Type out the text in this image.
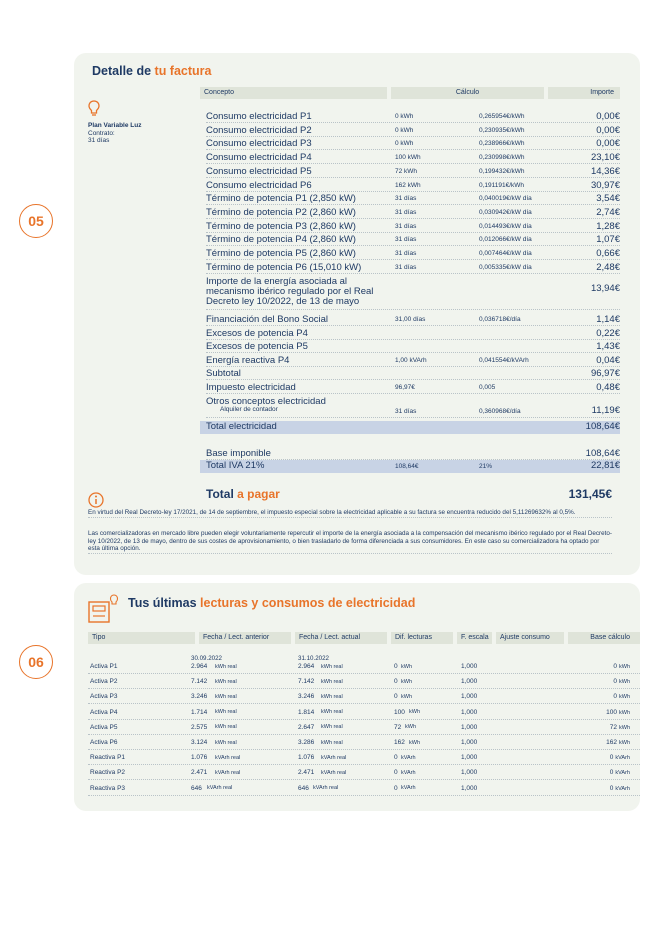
05
Detalle de tu factura
Concepto	Cálculo	Importe
Plan Variable Luz
Contrato:
31 días
Consumo electricidad P1	0 kWh	0,265954€/kWh	0,00€
Consumo electricidad P2	0 kWh	0,230935€/kWh	0,00€
Consumo electricidad P3	0 kWh	0,238966€/kWh	0,00€
Consumo electricidad P4	100 kWh	0,230998€/kWh	23,10€
Consumo electricidad P5	72 kWh	0,199432€/kWh	14,36€
Consumo electricidad P6	162 kWh	0,191191€/kWh	30,97€
Término de potencia P1 (2,850 kW)	31 días	0,040019€/kW día	3,54€
Término de potencia P2 (2,860 kW)	31 días	0,030942€/kW día	2,74€
Término de potencia P3 (2,860 kW)	31 días	0,014493€/kW día	1,28€
Término de potencia P4 (2,860 kW)	31 días	0,012066€/kW día	1,07€
Término de potencia P5 (2,860 kW)	31 días	0,007464€/kW día	0,66€
Término de potencia P6 (15,010 kW)	31 días	0,005335€/kW día	2,48€
Importe de la energía asociada al
mecanismo ibérico regulado por el Real
Decreto ley 10/2022, de 13 de mayo
13,94€
Financiación del Bono Social	31,00 días	0,036718€/día	1,14€
Excesos de potencia P4	0,22€
Excesos de potencia P5	1,43€
Energía reactiva P4	1,00 kVArh	0,041554€/kVArh	0,04€
Subtotal	96,97€
Impuesto electricidad	96,97€	0,005	0,48€
Otros conceptos electricidad
Alquiler de contador	31 días	0,360968€/día	11,19€
Total electricidad	108,64€
Base imponible	108,64€
Total IVA 21%	108,64€	21%	22,81€
Total a pagar	131,45€
En virtud del Real Decreto-ley 17/2021, de 14 de septiembre, el impuesto especial sobre la electricidad aplicable a su factura se encuentra reducido del 5,11269632% al 0,5%.
Las comercializadoras en mercado libre pueden elegir voluntariamente repercutir el importe de la energía asociada a la compensación del mecanismo ibérico regulado por el Real Decreto-ley 10/2022, de 13 de mayo, dentro de sus costes de aprovisionamiento, o bien trasladarlo de forma diferenciada a sus consumidores. En este caso su comercializadora ha optado por esta última opción.
06
Tus últimas lecturas y consumos de electricidad
Tipo	Fecha / Lect. anterior	Fecha / Lect. actual	Dif. lecturas	F. escala	Ajuste consumo	Base cálculo
30.09.2022	31.10.2022
Activa P1	2.964 kWh real	2.964 kWh real	0 kWh	1,000	0 kWh
Activa P2	7.142 kWh real	7.142 kWh real	0 kWh	1,000	0 kWh
Activa P3	3.246 kWh real	3.246 kWh real	0 kWh	1,000	0 kWh
Activa P4	1.714 kWh real	1.814 kWh real	100 kWh	1,000	100 kWh
Activa P5	2.575 kWh real	2.647 kWh real	72 kWh	1,000	72 kWh
Activa P6	3.124 kWh real	3.286 kWh real	162 kWh	1,000	162 kWh
Reactiva P1	1.076 kVArh real	1.076 kVArh real	0 kVArh	1,000	0 kVArh
Reactiva P2	2.471 kVArh real	2.471 kVArh real	0 kVArh	1,000	0 kVArh
Reactiva P3	646 kVArh real	646 kVArh real	0 kVArh	1,000	0 kVArh
